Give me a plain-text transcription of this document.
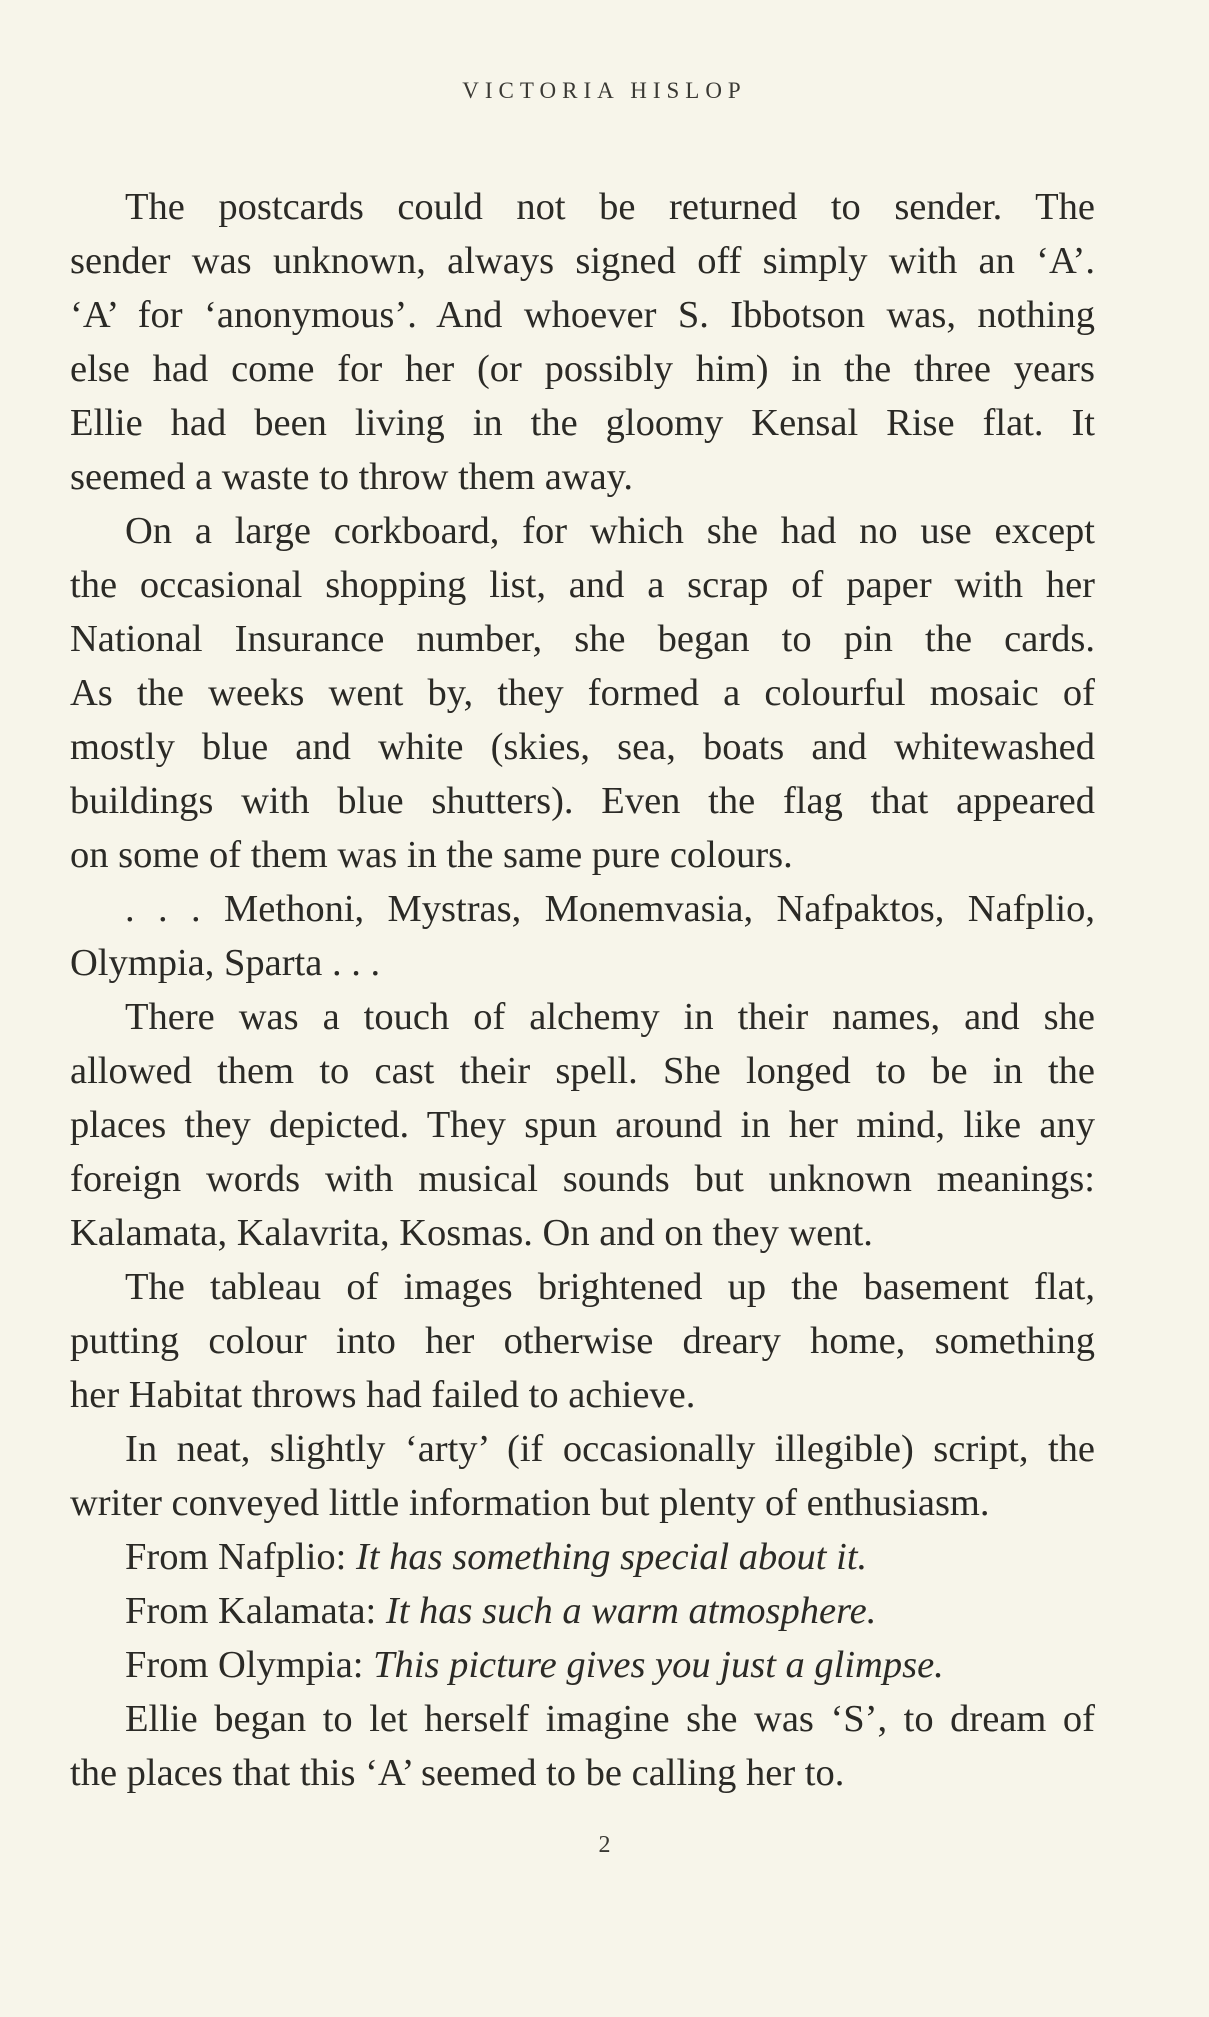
VICTORIA HISLOP
The postcards could not be returned to sender. The
sender was unknown, always signed off simply with an ‘A’.
‘A’ for ‘anonymous’. And whoever S. Ibbotson was, nothing
else had come for her (or possibly him) in the three years
Ellie had been living in the gloomy Kensal Rise flat. It
seemed a waste to throw them away.
On a large corkboard, for which she had no use except
the occasional shopping list, and a scrap of paper with her
National Insurance number, she began to pin the cards.
As the weeks went by, they formed a colourful mosaic of
mostly blue and white (skies, sea, boats and whitewashed
buildings with blue shutters). Even the flag that appeared
on some of them was in the same pure colours.
. . . Methoni, Mystras, Monemvasia, Nafpaktos, Nafplio,
Olympia, Sparta . . .
There was a touch of alchemy in their names, and she
allowed them to cast their spell. She longed to be in the
places they depicted. They spun around in her mind, like any
foreign words with musical sounds but unknown meanings:
Kalamata, Kalavrita, Kosmas. On and on they went.
The tableau of images brightened up the basement flat,
putting colour into her otherwise dreary home, something
her Habitat throws had failed to achieve.
In neat, slightly ‘arty’ (if occasionally illegible) script, the
writer conveyed little information but plenty of enthusiasm.
From Nafplio: It has something special about it.
From Kalamata: It has such a warm atmosphere.
From Olympia: This picture gives you just a glimpse.
Ellie began to let herself imagine she was ‘S’, to dream of
the places that this ‘A’ seemed to be calling her to.
2
